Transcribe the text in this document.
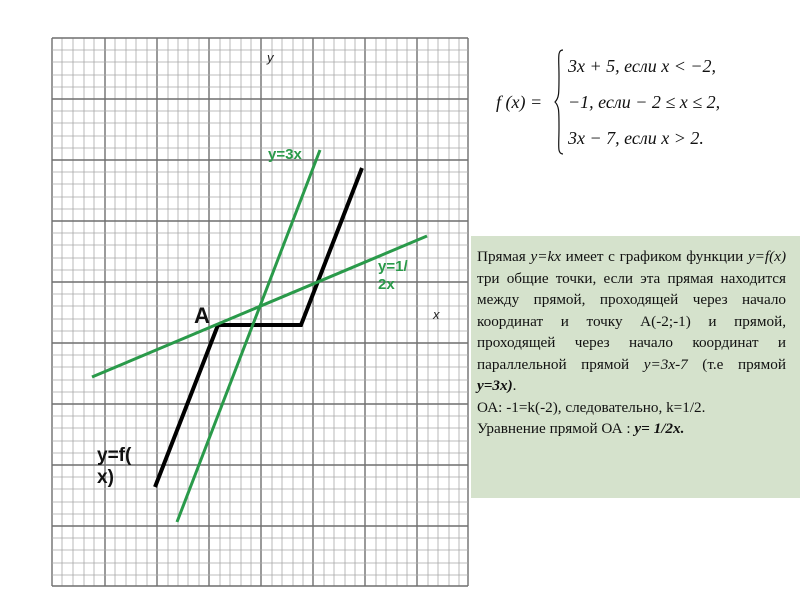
y
x
y=3x
y=1/
2x
A
y=f(
x)
f (x) =
3x + 5, если x < −2,
−1, если − 2 ≤ x ≤ 2,
3x − 7, если x > 2.

Прямая y=kx имеет с графиком функции y=f(x) три общие точки, если эта прямая находится между прямой, проходящей через начало координат и точку А(-2;-1) и прямой, проходящей через начало координат и параллельной прямой y=3x-7 (т.е прямой y=3x).

ОА: -1=k(-2), следовательно, k=1/2.

Уравнение прямой ОА : y= 1/2x.
